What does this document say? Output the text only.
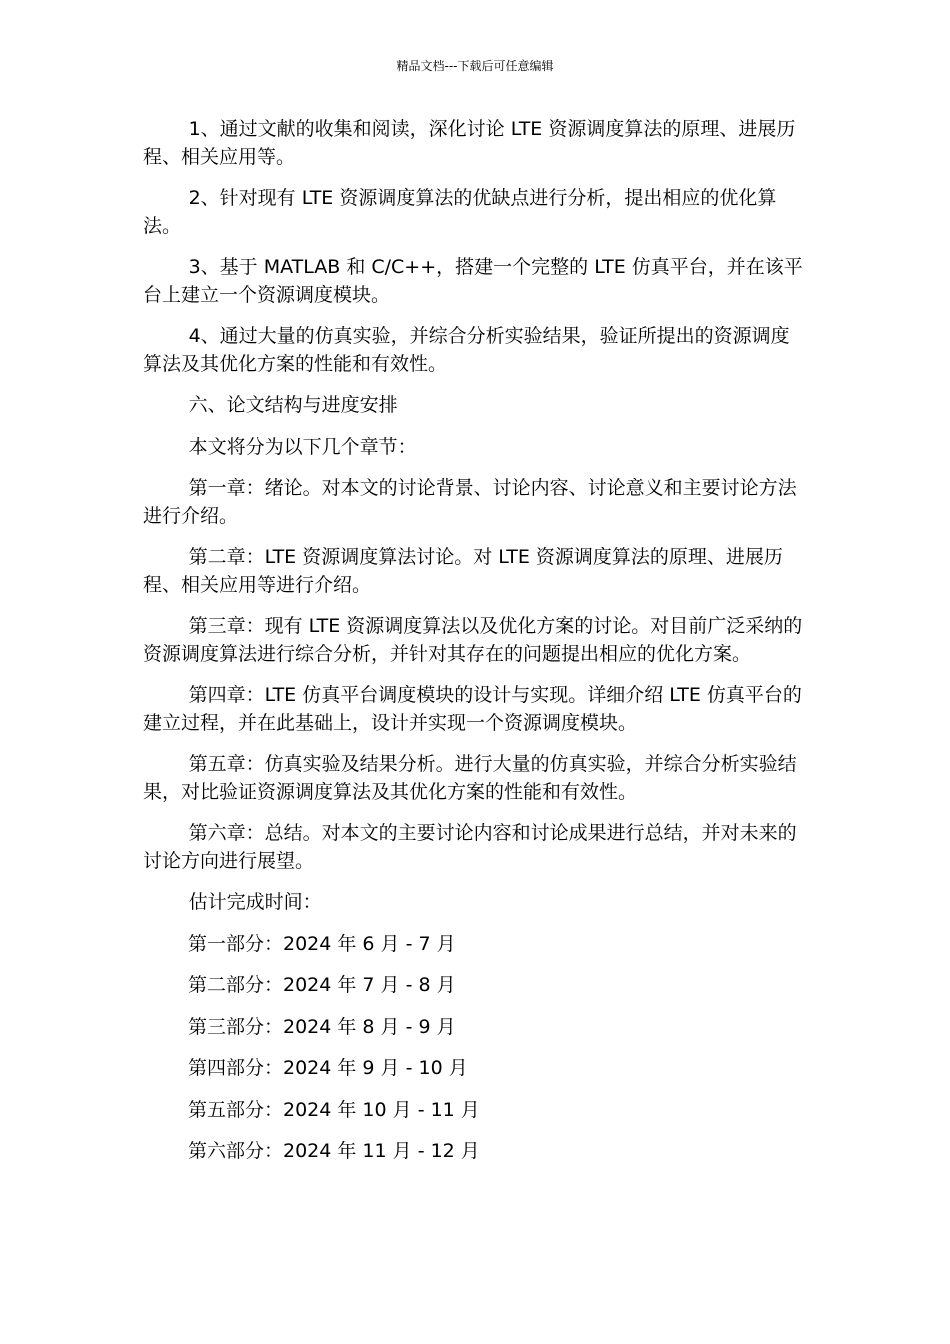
精品文档---下载后可任意编辑

1、通过文献的收集和阅读，深化讨论 LTE 资源调度算法的原理、进展历程、相关应用等。

2、针对现有 LTE 资源调度算法的优缺点进行分析，提出相应的优化算法。

3、基于 MATLAB 和 C/C++，搭建一个完整的 LTE 仿真平台，并在该平台上建立一个资源调度模块。

4、通过大量的仿真实验，并综合分析实验结果，验证所提出的资源调度算法及其优化方案的性能和有效性。

六、论文结构与进度安排

本文将分为以下几个章节：

第一章：绪论。对本文的讨论背景、讨论内容、讨论意义和主要讨论方法进行介绍。

第二章：LTE 资源调度算法讨论。对 LTE 资源调度算法的原理、进展历程、相关应用等进行介绍。

第三章：现有 LTE 资源调度算法以及优化方案的讨论。对目前广泛采纳的资源调度算法进行综合分析，并针对其存在的问题提出相应的优化方案。

第四章：LTE 仿真平台调度模块的设计与实现。详细介绍 LTE 仿真平台的建立过程，并在此基础上，设计并实现一个资源调度模块。

第五章：仿真实验及结果分析。进行大量的仿真实验，并综合分析实验结果，对比验证资源调度算法及其优化方案的性能和有效性。

第六章：总结。对本文的主要讨论内容和讨论成果进行总结，并对未来的讨论方向进行展望。

估计完成时间：

第一部分：2024 年 6 月 - 7 月

第二部分：2024 年 7 月 - 8 月

第三部分：2024 年 8 月 - 9 月

第四部分：2024 年 9 月 - 10 月

第五部分：2024 年 10 月 - 11 月

第六部分：2024 年 11 月 - 12 月
